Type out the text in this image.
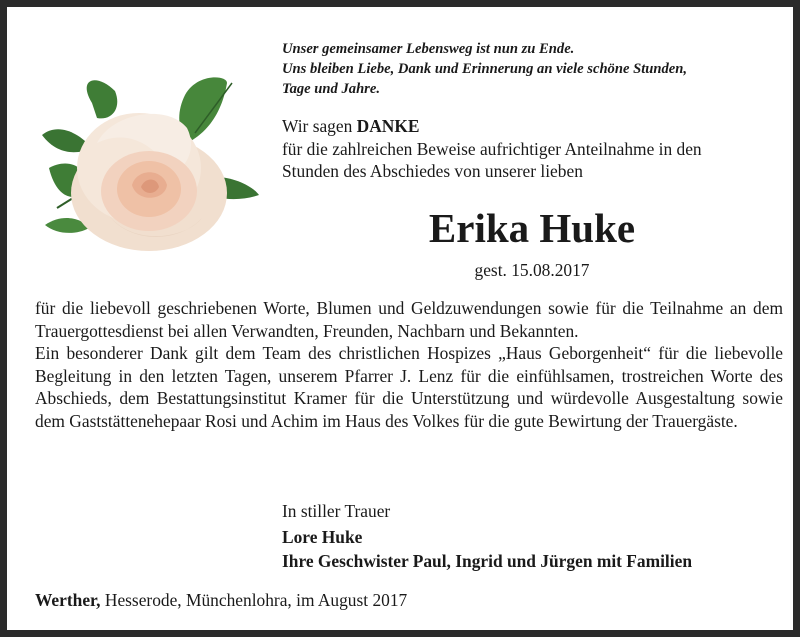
Unser gemeinsamer Lebensweg ist nun zu Ende.
Uns bleiben Liebe, Dank und Erinnerung an viele schöne Stunden,
Tage und Jahre.
Wir sagen DANKE
für die zahlreichen Beweise aufrichtiger Anteilnahme in den
Stunden des Abschiedes von unserer lieben
Erika Huke
gest. 15.08.2017

für die liebevoll geschriebenen Worte, Blumen und Geldzuwendungen sowie für die Teilnahme an dem Trauergottesdienst bei allen Verwandten, Freunden, Nachbarn und Bekannten.

Ein besonderer Dank gilt dem Team des christlichen Hospizes „Haus Geborgenheit“ für die liebevolle Begleitung in den letzten Tagen, unserem Pfarrer J. Lenz für die einfühlsamen, trostreichen Worte des Abschieds, dem Bestattungsinstitut Kramer für die Unterstützung und würdevolle Ausgestaltung sowie dem Gaststättenehepaar Rosi und Achim im Haus des Volkes für die gute Bewirtung der Trauergäste.

In stiller Trauer
Lore Huke
Ihre Geschwister Paul, Ingrid und Jürgen mit Familien
Werther, Hesserode, Münchenlohra, im August 2017
